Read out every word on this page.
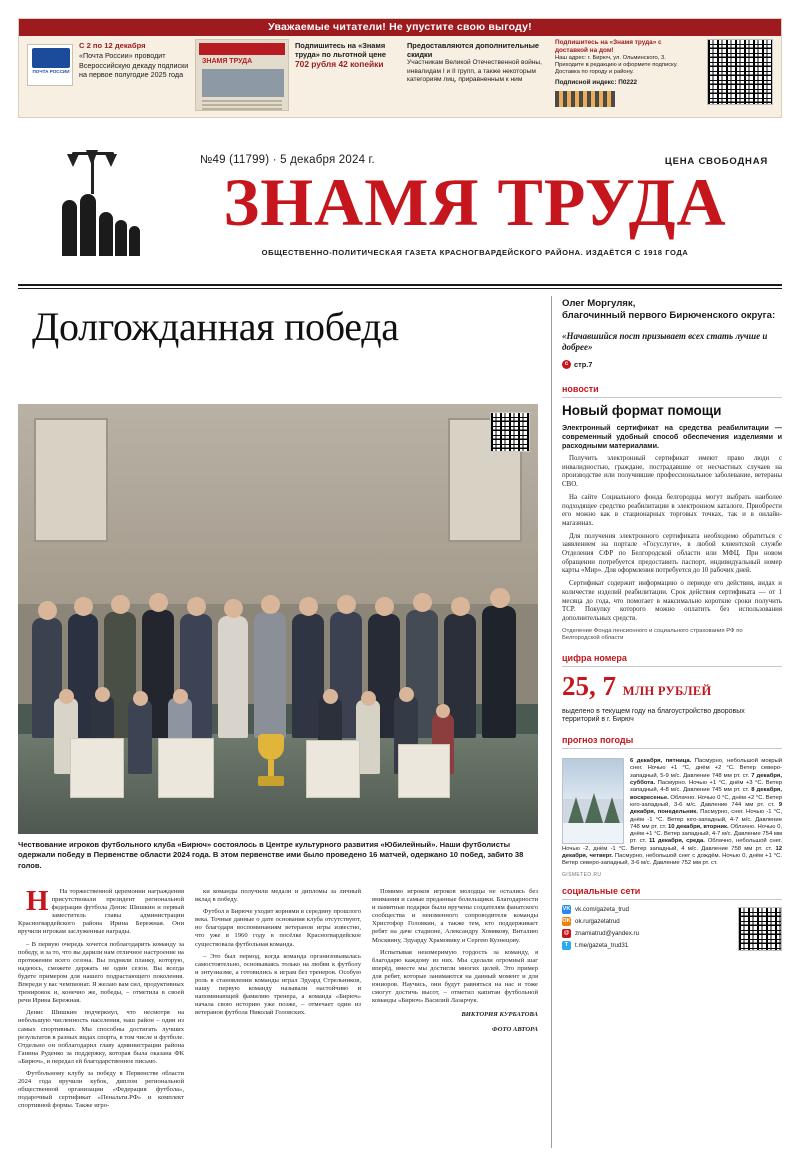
Уважаемые читатели! Не упустите свою выгоду!
ПОЧТА РОССИИ
С 2 по 12 декабря
«Почта России» проводит Всероссийскую декаду подписки на первое полугодие 2025 года
ЗНАМЯ ТРУДА
Подпишитесь на «Знамя труда» по льготной цене
702 рубля 42 копейки
Предоставляются дополнительные скидки
Участникам Великой Отечественной войны, инвалидам I и II групп, а также некоторым категориям лиц, приравненным к ним
Подпишитесь на «Знамя труда» с доставкой на дом!
Наш адрес: г. Бирюч, ул. Ольминского, 3. Приходите в редакцию и оформите подписку. Доставка по городу и району.
Подписной индекс: П0222
№49 (11799) · 5 декабря 2024 г.	ЦЕНА СВОБОДНАЯ
ЗНАМЯ ТРУДА
ОБЩЕСТВЕННО-ПОЛИТИЧЕСКАЯ ГАЗЕТА КРАСНОГВАРДЕЙСКОГО РАЙОНА. ИЗДАЁТСЯ С 1918 ГОДА
Долгожданная победа
Чествование игроков футбольного клуба «Бирюч» состоялось в Центре культурного развития «Юбилейный». Наши футболисты одержали победу в Первенстве области 2024 года. В этом первенстве ими было проведено 16 матчей, одержано 10 побед, забито 38 голов.

Н На торжественной церемонии награждения присутствовали президент региональной федерации футбола Денис Шишкин и первый заместитель главы администрации Красногвардейского района Ирина Бережная. Они вручили игрокам заслуженные награды.

– В первую очередь хочется поблагодарить команду за победу, и за то, что вы дарили нам отличное настроение на протяжении всего сезона. Вы подняли планку, которую, надеюсь, сможете держать не один сезон. Вы всегда будете примером для нашего подрастающего поколения. Впереди у вас чемпионат. Я желаю вам сил, продуктивных тренировок и, конечно же, победы, – отметила в своей речи Ирина Бережная.

Денис Шишкин подчеркнул, что несмотря на небольшую численность населения, наш район – один из самых спортивных. Мы способны достигать лучших результатов в разных видах спорта, в том числе и футболе. Отдельно он поблагодарил главу администрации района Ганина Руденко за поддержку, которая была оказана ФК «Бирюч», и передал ей благодарственное письмо.

Футбольному клубу за победу в Первенстве области 2024 года вручили кубок, диплом региональной общественной организации «Федерация футбола», подарочный сертификат «Пенальти.РФ» и комплект спортивной формы. Также игро-

ки команды получили медали и дипломы за личный вклад в победу.

Футбол в Бирюче уходит корнями в середину прошлого века. Точные данные о дате основания клуба отсутствуют, но благодаря воспоминаниям ветеранов игры известно, что уже в 1960 году в посёлке Красногвардейское существовала футбольная команда.

– Это был период, когда команда организовывалась самостоятельно, основываясь только на любви к футболу и энтузиазме, а готовились к играм без тренеров. Особую роль в становлении команды играл Эдуард Стрельников, нашу первую команду называли настойчиво и напоминающей фамилию тренера, а команда «Бирюч» начала свою историю уже позже, – отмечает один из ветеранов футбола Николай Головских.

Помимо игроков игроков молодцы не остались без внимания и самые преданные болельщики. Благодарности и памятные подарки были вручены создателям фанатского сообщества и неизменного сопроводителя команды Христофор Головкин, а также тем, кто поддерживает ребят на даче стадионе, Александру Хомякову, Виталию Москвину, Эдуарду Храмовику и Сергею Кузнецову.

Испытывая неизмеримую гордость за команду, я благодарю каждому из них. Мы сделали огромный шаг вперёд, вместе мы достигли многих целей. Это пример для ребят, которые занимаются на данный момент и для юниоров. Научись, они будут равняться на нас и тоже смогут достичь высот, – отметил капитан футбольной команды «Бирюч» Василий Лазарчук.

ВИКТОРИЯ КУРБАТОВА
ФОТО АВТОРА
Олег Моргуляк,
благочинный первого Бирюченского округа:
«Начавшийся пост призывает всех стать лучше и добрее»
с стр.7
новости
Новый формат помощи
Электронный сертификат на средства реабилитации — современный удобный способ обеспечения изделиями и расходными материалами.

Получить электронный сертификат имеют право люди с инвалидностью, граждане, пострадавшие от несчастных случаев на производстве или получившие профессиональное заболевание, ветераны СВО.

На сайте Социального фонда белгородцы могут выбрать наиболее подходящее средство реабилитации в электронном каталоге. Приобрести его можно как в стационарных торговых точках, так и в онлайн-магазинах.

Для получения электронного сертификата необходимо обратиться с заявлением на портале «Госуслуги», в любой клиентской службе Отделения СФР по Белгородской области или МФЦ. При новом обращении потребуется предоставить паспорт, индивидуальный номер карты «Мир». Для оформления потребуется до 10 рабочих дней.

Сертификат содержит информацию о периоде его действия, видах и количестве изделий реабилитации. Срок действия сертификата — от 1 месяца до года, что помогает в максимально короткие сроки получить ТСР. Покупку которого можно оплатить без использования дополнительных средств.

Отделение Фонда пенсионного и социального страхования РФ по Белгородской области
цифра номера
25, 7 МЛН РУБЛЕЙ
выделено в текущем году на благоустройство дворовых территорий в г. Бирюч
прогноз погоды
6 декабря, пятница. Пасмурно, небольшой мокрый снег. Ночью +1 °С, днём +2 °С. Ветер северо-западный, 5-9 м/с. Давление 748 мм рт. ст. 7 декабря, суббота. Пасмурно. Ночью +1 °С, днём +3 °С. Ветер западный, 4-8 м/с. Давление 745 мм рт. ст. 8 декабря, воскресенье. Облачно. Ночью 0 °С, днём +2 °С. Ветер юго-западный, 3-6 м/с. Давление 744 мм рт. ст. 9 декабря, понедельник. Пасмурно, снег. Ночью -1 °С, днём -1 °С. Ветер юго-западный, 4-7 м/с. Давление 748 мм рт. ст. 10 декабря, вторник. Облачно. Ночью 0, днём +1 °С. Ветер западный, 4-7 м/с. Давление 754 мм рт. ст. 11 декабря, среда. Облачно, небольшой снег. Ночью -2, днём -1 °С. Ветер западный, 4 м/с. Давление 758 мм рт. ст. 12 декабря, четверг. Пасмурно, небольшой снег с дождём. Ночью 0, днём +1 °С. Ветер северо-западный, 3-6 м/с. Давление 752 мм рт. ст.
GISMETEO.RU
социальные сети
VK vk.com/gazeta_trud
OK ok.ru/gazetatrud
@ znamiatrud@yandex.ru
T	t.me/gazeta_trud31
